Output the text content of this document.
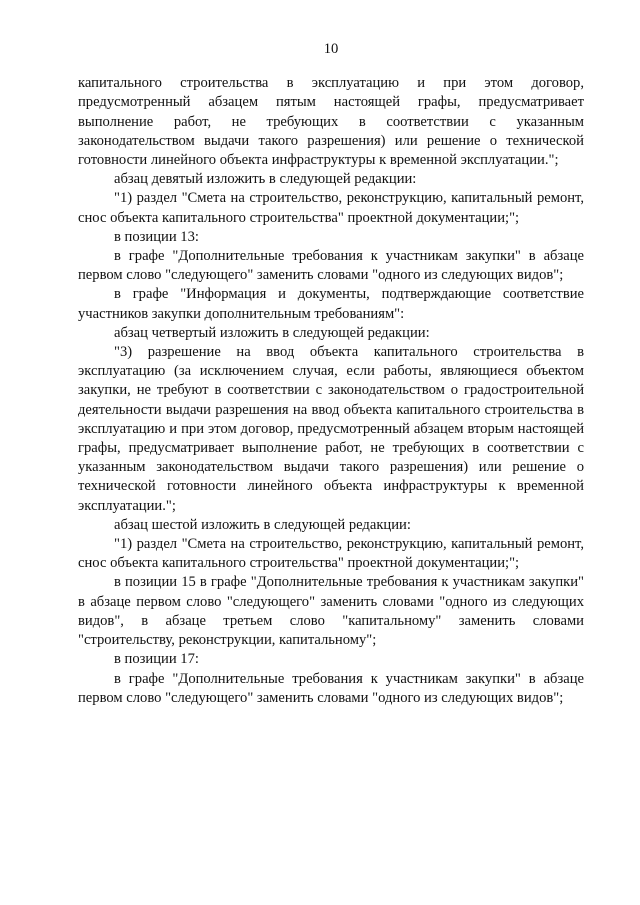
10

капитального строительства в эксплуатацию и при этом договор, предусмотренный абзацем пятым настоящей графы, предусматривает выполнение работ, не требующих в соответствии с указанным законодательством выдачи такого разрешения) или решение о технической готовности линейного объекта инфраструктуры к временной эксплуатации.";

абзац девятый изложить в следующей редакции:

"1) раздел "Смета на строительство, реконструкцию, капитальный ремонт, снос объекта капитального строительства" проектной документации;";

в позиции 13:

в графе "Дополнительные требования к участникам закупки" в абзаце первом слово "следующего" заменить словами "одного из следующих видов";

в графе "Информация и документы, подтверждающие соответствие участников закупки дополнительным требованиям":

абзац четвертый изложить в следующей редакции:

"3) разрешение на ввод объекта капитального строительства в эксплуатацию (за исключением случая, если работы, являющиеся объектом закупки, не требуют в соответствии с законодательством о градостроительной деятельности выдачи разрешения на ввод объекта капитального строительства в эксплуатацию и при этом договор, предусмотренный абзацем вторым настоящей графы, предусматривает выполнение работ, не требующих в соответствии с указанным законодательством выдачи такого разрешения) или решение о технической готовности линейного объекта инфраструктуры к временной эксплуатации.";

абзац шестой изложить в следующей редакции:

"1) раздел "Смета на строительство, реконструкцию, капитальный ремонт, снос объекта капитального строительства" проектной документации;";

в позиции 15 в графе "Дополнительные требования к участникам закупки" в абзаце первом слово "следующего" заменить словами "одного из следующих видов", в абзаце третьем слово "капитальному" заменить словами "строительству, реконструкции, капитальному";

в позиции 17:

в графе "Дополнительные требования к участникам закупки" в абзаце первом слово "следующего" заменить словами "одного из следующих видов";
